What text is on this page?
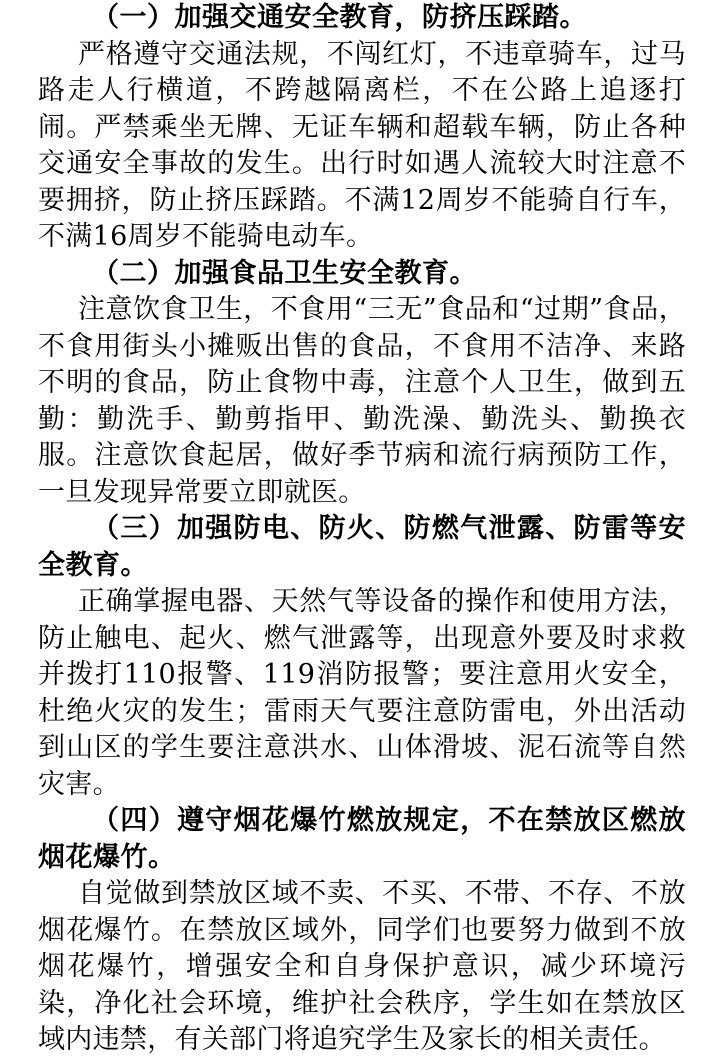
（一）加强交通安全教育，防挤压踩踏。

严格遵守交通法规，不闯红灯，不违章骑车，过马路走人行横道，不跨越隔离栏，不在公路上追逐打闹。严禁乘坐无牌、无证车辆和超载车辆，防止各种交通安全事故的发生。出行时如遇人流较大时注意不要拥挤，防止挤压踩踏。不满12周岁不能骑自行车，不满16周岁不能骑电动车。

（二）加强食品卫生安全教育。

注意饮食卫生，不食用“三无”食品和“过期”食品，不食用街头小摊贩出售的食品，不食用不洁净、来路不明的食品，防止食物中毒，注意个人卫生，做到五勤：勤洗手、勤剪指甲、勤洗澡、勤洗头、勤换衣服。注意饮食起居，做好季节病和流行病预防工作，一旦发现异常要立即就医。

（三）加强防电、防火、防燃气泄露、防雷等安全教育。

正确掌握电器、天然气等设备的操作和使用方法，防止触电、起火、燃气泄露等，出现意外要及时求救并拨打110报警、119消防报警；要注意用火安全，杜绝火灾的发生；雷雨天气要注意防雷电，外出活动到山区的学生要注意洪水、山体滑坡、泥石流等自然灾害。

（四）遵守烟花爆竹燃放规定，不在禁放区燃放烟花爆竹。

自觉做到禁放区域不卖、不买、不带、不存、不放烟花爆竹。在禁放区域外，同学们也要努力做到不放烟花爆竹，增强安全和自身保护意识，减少环境污染，净化社会环境，维护社会秩序，学生如在禁放区域内违禁，有关部门将追究学生及家长的相关责任。
